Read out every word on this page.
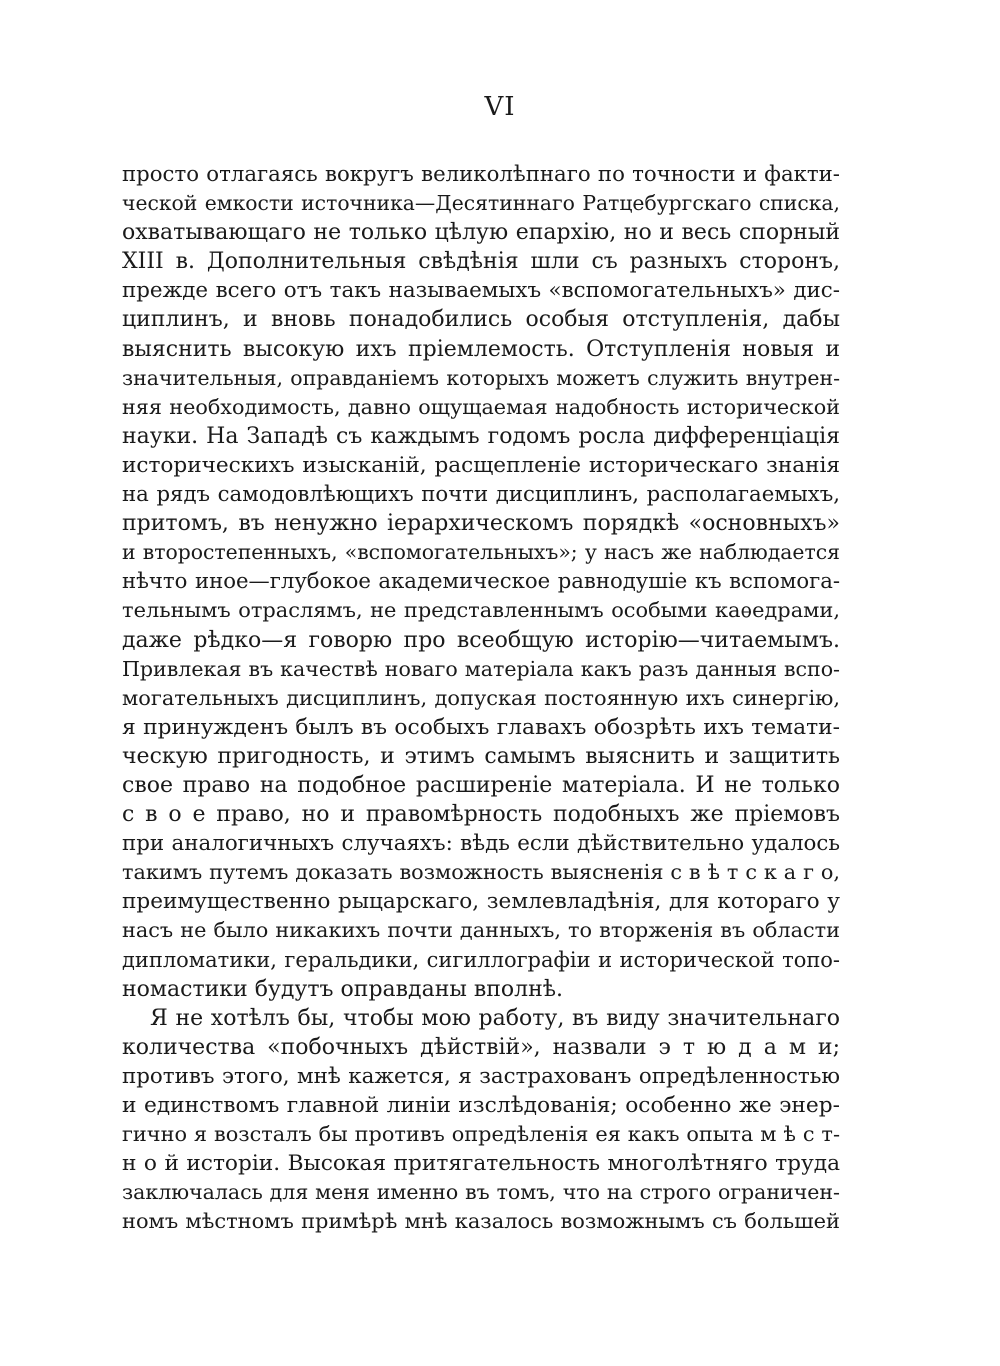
VI
просто отлагаясь вокругъ великолѣпнаго по точности и факти-
ческой емкости источника—Десятиннаго Ратцебургскаго списка,
охватывающаго не только цѣлую епархію, но и весь спорный
XIII в. Дополнительныя свѣдѣнія шли съ разныхъ сторонъ,
прежде всего отъ такъ называемыхъ «вспомогательныхъ» дис-
циплинъ, и вновь понадобились особыя отступленія, дабы
выяснить высокую ихъ пріемлемость. Отступленія новыя и
значительныя, оправданіемъ которыхъ можетъ служить внутрен-
няя необходимость, давно ощущаемая надобность исторической
науки. На Западѣ съ каждымъ годомъ росла дифференціація
историческихъ изысканій, расщепленіе историческаго знанія
на рядъ самодовлѣющихъ почти дисциплинъ, располагаемыхъ,
притомъ, въ ненужно іерархическомъ порядкѣ «основныхъ»
и второстепенныхъ, «вспомогательныхъ»; у насъ же наблюдается
нѣчто иное—глубокое академическое равнодушіе къ вспомога-
тельнымъ отраслямъ, не представленнымъ особыми каѳедрами,
даже рѣдко—я говорю про всеобщую исторію—читаемымъ.
Привлекая въ качествѣ новаго матеріала какъ разъ данныя вспо-
могательныхъ дисциплинъ, допуская постоянную ихъ синергію,
я принужденъ былъ въ особыхъ главахъ обозрѣть ихъ темати-
ческую пригодность, и этимъ самымъ выяснить и защитить
свое право на подобное расширеніе матеріала. И не только
с в о е право, но и правомѣрность подобныхъ же пріемовъ
при аналогичныхъ случаяхъ: вѣдь если дѣйствительно удалось
такимъ путемъ доказать возможность выясненія с в ѣ т с к а г о,
преимущественно рыцарскаго, землевладѣнія, для котораго у
насъ не было никакихъ почти данныхъ, то вторженія въ области
дипломатики, геральдики, сигиллографіи и исторической топо-
номастики будутъ оправданы вполнѣ.
Я не хотѣлъ бы, чтобы мою работу, въ виду значительнаго
количества «побочныхъ дѣйствій», назвали э т ю д а м и;
противъ этого, мнѣ кажется, я застрахованъ опредѣленностью
и единствомъ главной линіи изслѣдованія; особенно же энер-
гично я возсталъ бы противъ опредѣленія ея какъ опыта м ѣ с т-
н о й исторіи. Высокая притягательность многолѣтняго труда
заключалась для меня именно въ томъ, что на строго ограничен-
номъ мѣстномъ примѣрѣ мнѣ казалось возможнымъ съ большей
